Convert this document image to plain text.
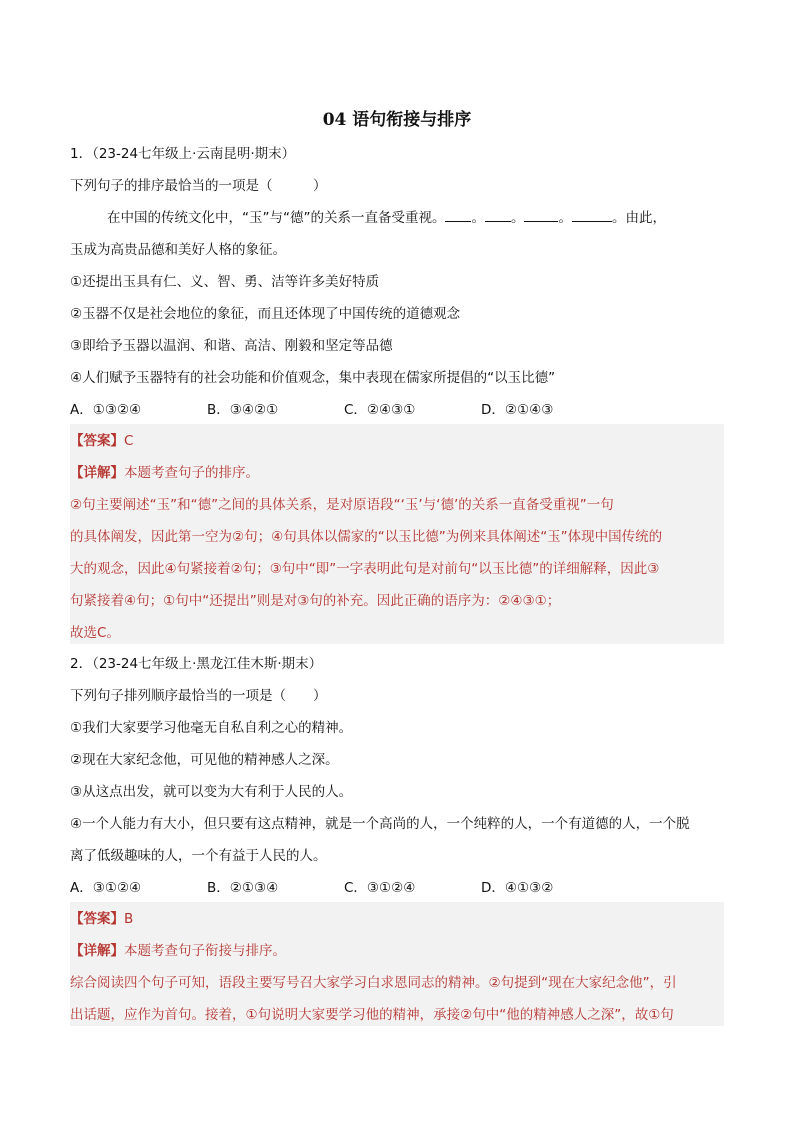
04 语句衔接与排序
1．（23-24七年级上·云南昆明·期末）
下列句子的排序最恰当的一项是（　　　）
在中国的传统文化中，“玉”与“德”的关系一直备受重视。 。 。	。	。由此，
玉成为高贵品德和美好人格的象征。
①还提出玉具有仁、义、智、勇、洁等许多美好特质
②玉器不仅是社会地位的象征，而且还体现了中国传统的道德观念
③即给予玉器以温润、和谐、高洁、刚毅和坚定等品德
④人们赋予玉器特有的社会功能和价值观念，集中表现在儒家所提倡的“以玉比德”
A．①③②④	B．③④②①	C．②④③①	D．②①④③
【答案】C
【详解】本题考查句子的排序。
②句主要阐述“玉”和“德”之间的具体关系，是对原语段“‘玉’与‘德’的关系一直备受重视”一句
的具体阐发，因此第一空为②句；④句具体以儒家的“以玉比德”为例来具体阐述“玉”体现中国传统的
大的观念，因此④句紧接着②句；③句中“即”一字表明此句是对前句“以玉比德”的详细解释，因此③
句紧接着④句；①句中“还提出”则是对③句的补充。因此正确的语序为：②④③①；
故选C。
2．（23-24七年级上·黑龙江佳木斯·期末）
下列句子排列顺序最恰当的一项是（　　）
①我们大家要学习他毫无自私自利之心的精神。
②现在大家纪念他，可见他的精神感人之深。
③从这点出发，就可以变为大有利于人民的人。
④一个人能力有大小，但只要有这点精神，就是一个高尚的人，一个纯粹的人，一个有道德的人，一个脱
离了低级趣味的人，一个有益于人民的人。
A．③①②④	B．②①③④	C．③①②④	D．④①③②
【答案】B
【详解】本题考查句子衔接与排序。
综合阅读四个句子可知，语段主要写号召大家学习白求恩同志的精神。②句提到“现在大家纪念他”，引
出话题，应作为首句。接着，①句说明大家要学习他的精神，承接②句中“他的精神感人之深”，故①句
